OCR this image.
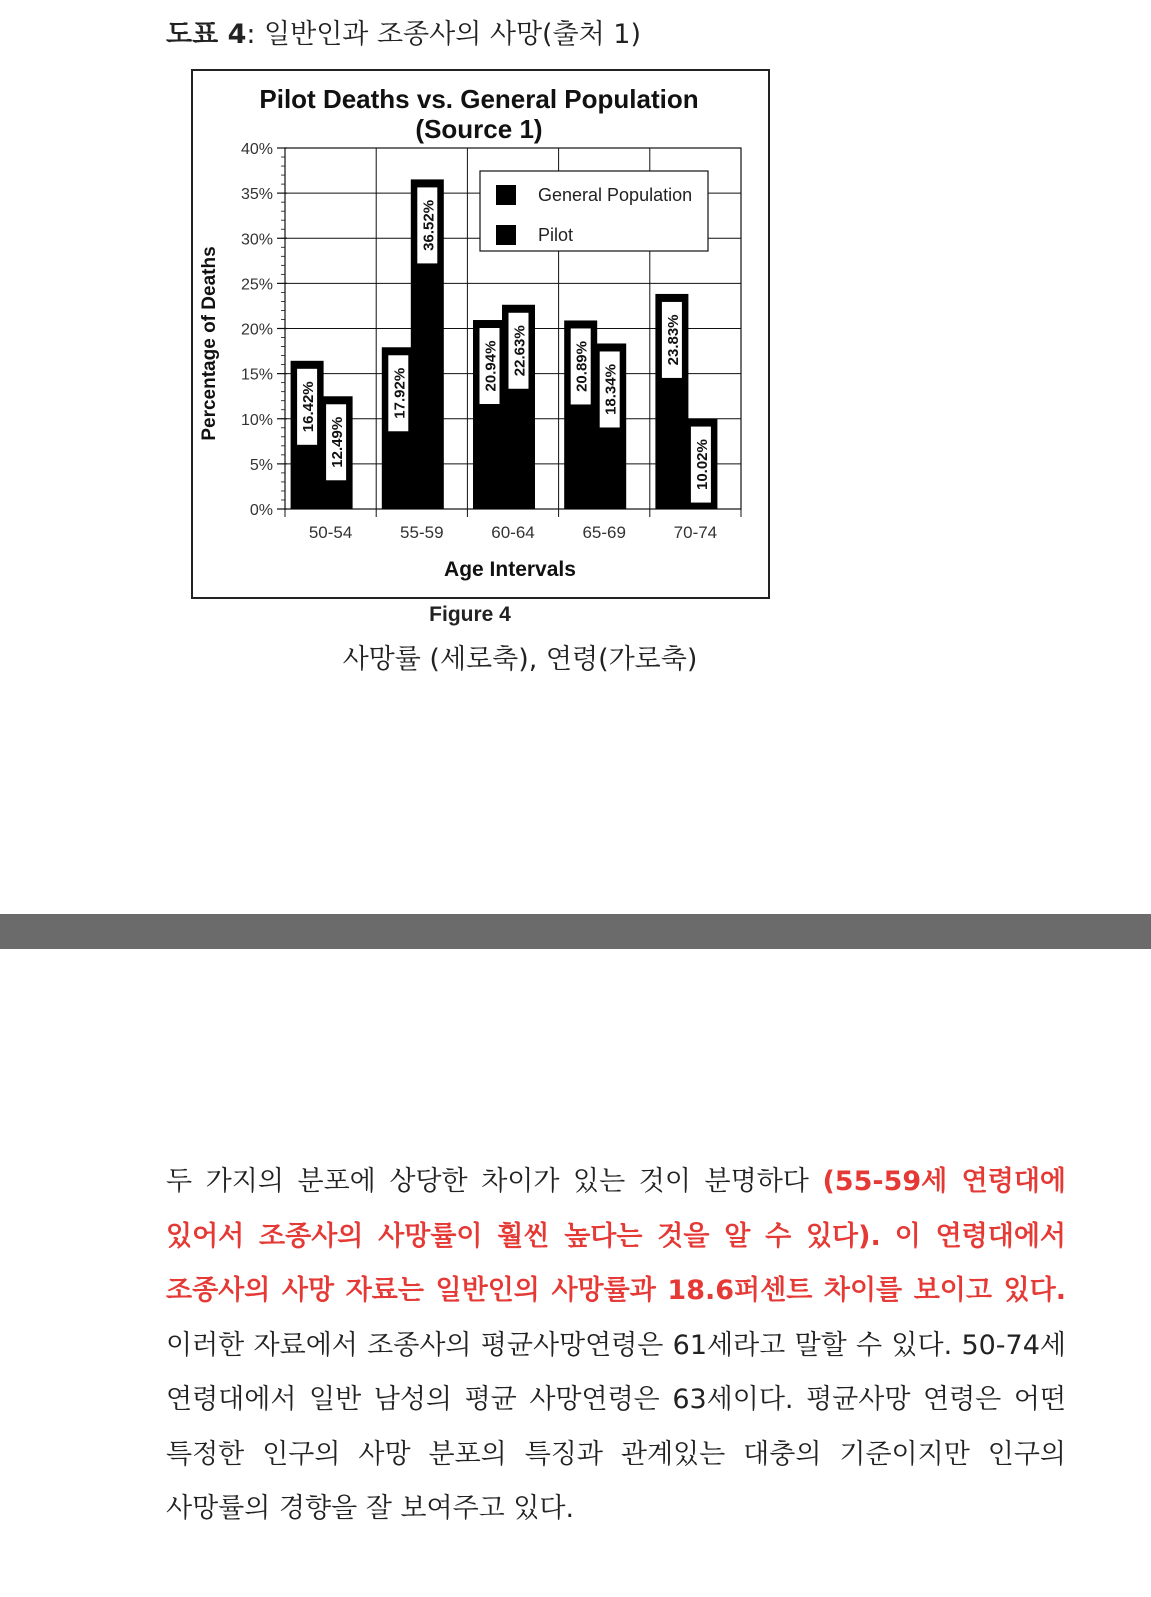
도표 4: 일반인과 조종사의 사망(출처 1)
Pilot Deaths vs. General Population
(Source 1)
0%
5%
10%
15%
20%
25%
30%
35%
40%
50-54
16.42%
12.49%
55-59
17.92%
36.52%
60-64
20.94% 22.63%
65-69
20.89% 18.34%
70-74
23.83%
10.02%
Age Intervals
Percentage of Deaths
General Population
Pilot
Figure 4
사망률 (세로축), 연령(가로축)
두 가지의 분포에 상당한 차이가 있는 것이 분명하다 (55-59세 연령대에 있어서 조종사의 사망률이 훨씬 높다는 것을 알 수 있다). 이 연령대에서 조종사의 사망 자료는 일반인의 사망률과 18.6퍼센트 차이를 보이고 있다. 이러한 자료에서 조종사의 평균사망연령은 61세라고 말할 수 있다. 50-74세 연령대에서 일반 남성의 평균 사망연령은 63세이다. 평균사망 연령은 어떤 특정한 인구의 사망 분포의 특징과 관계있는 대충의 기준이지만 인구의 사망률의 경향을 잘 보여주고 있다.
